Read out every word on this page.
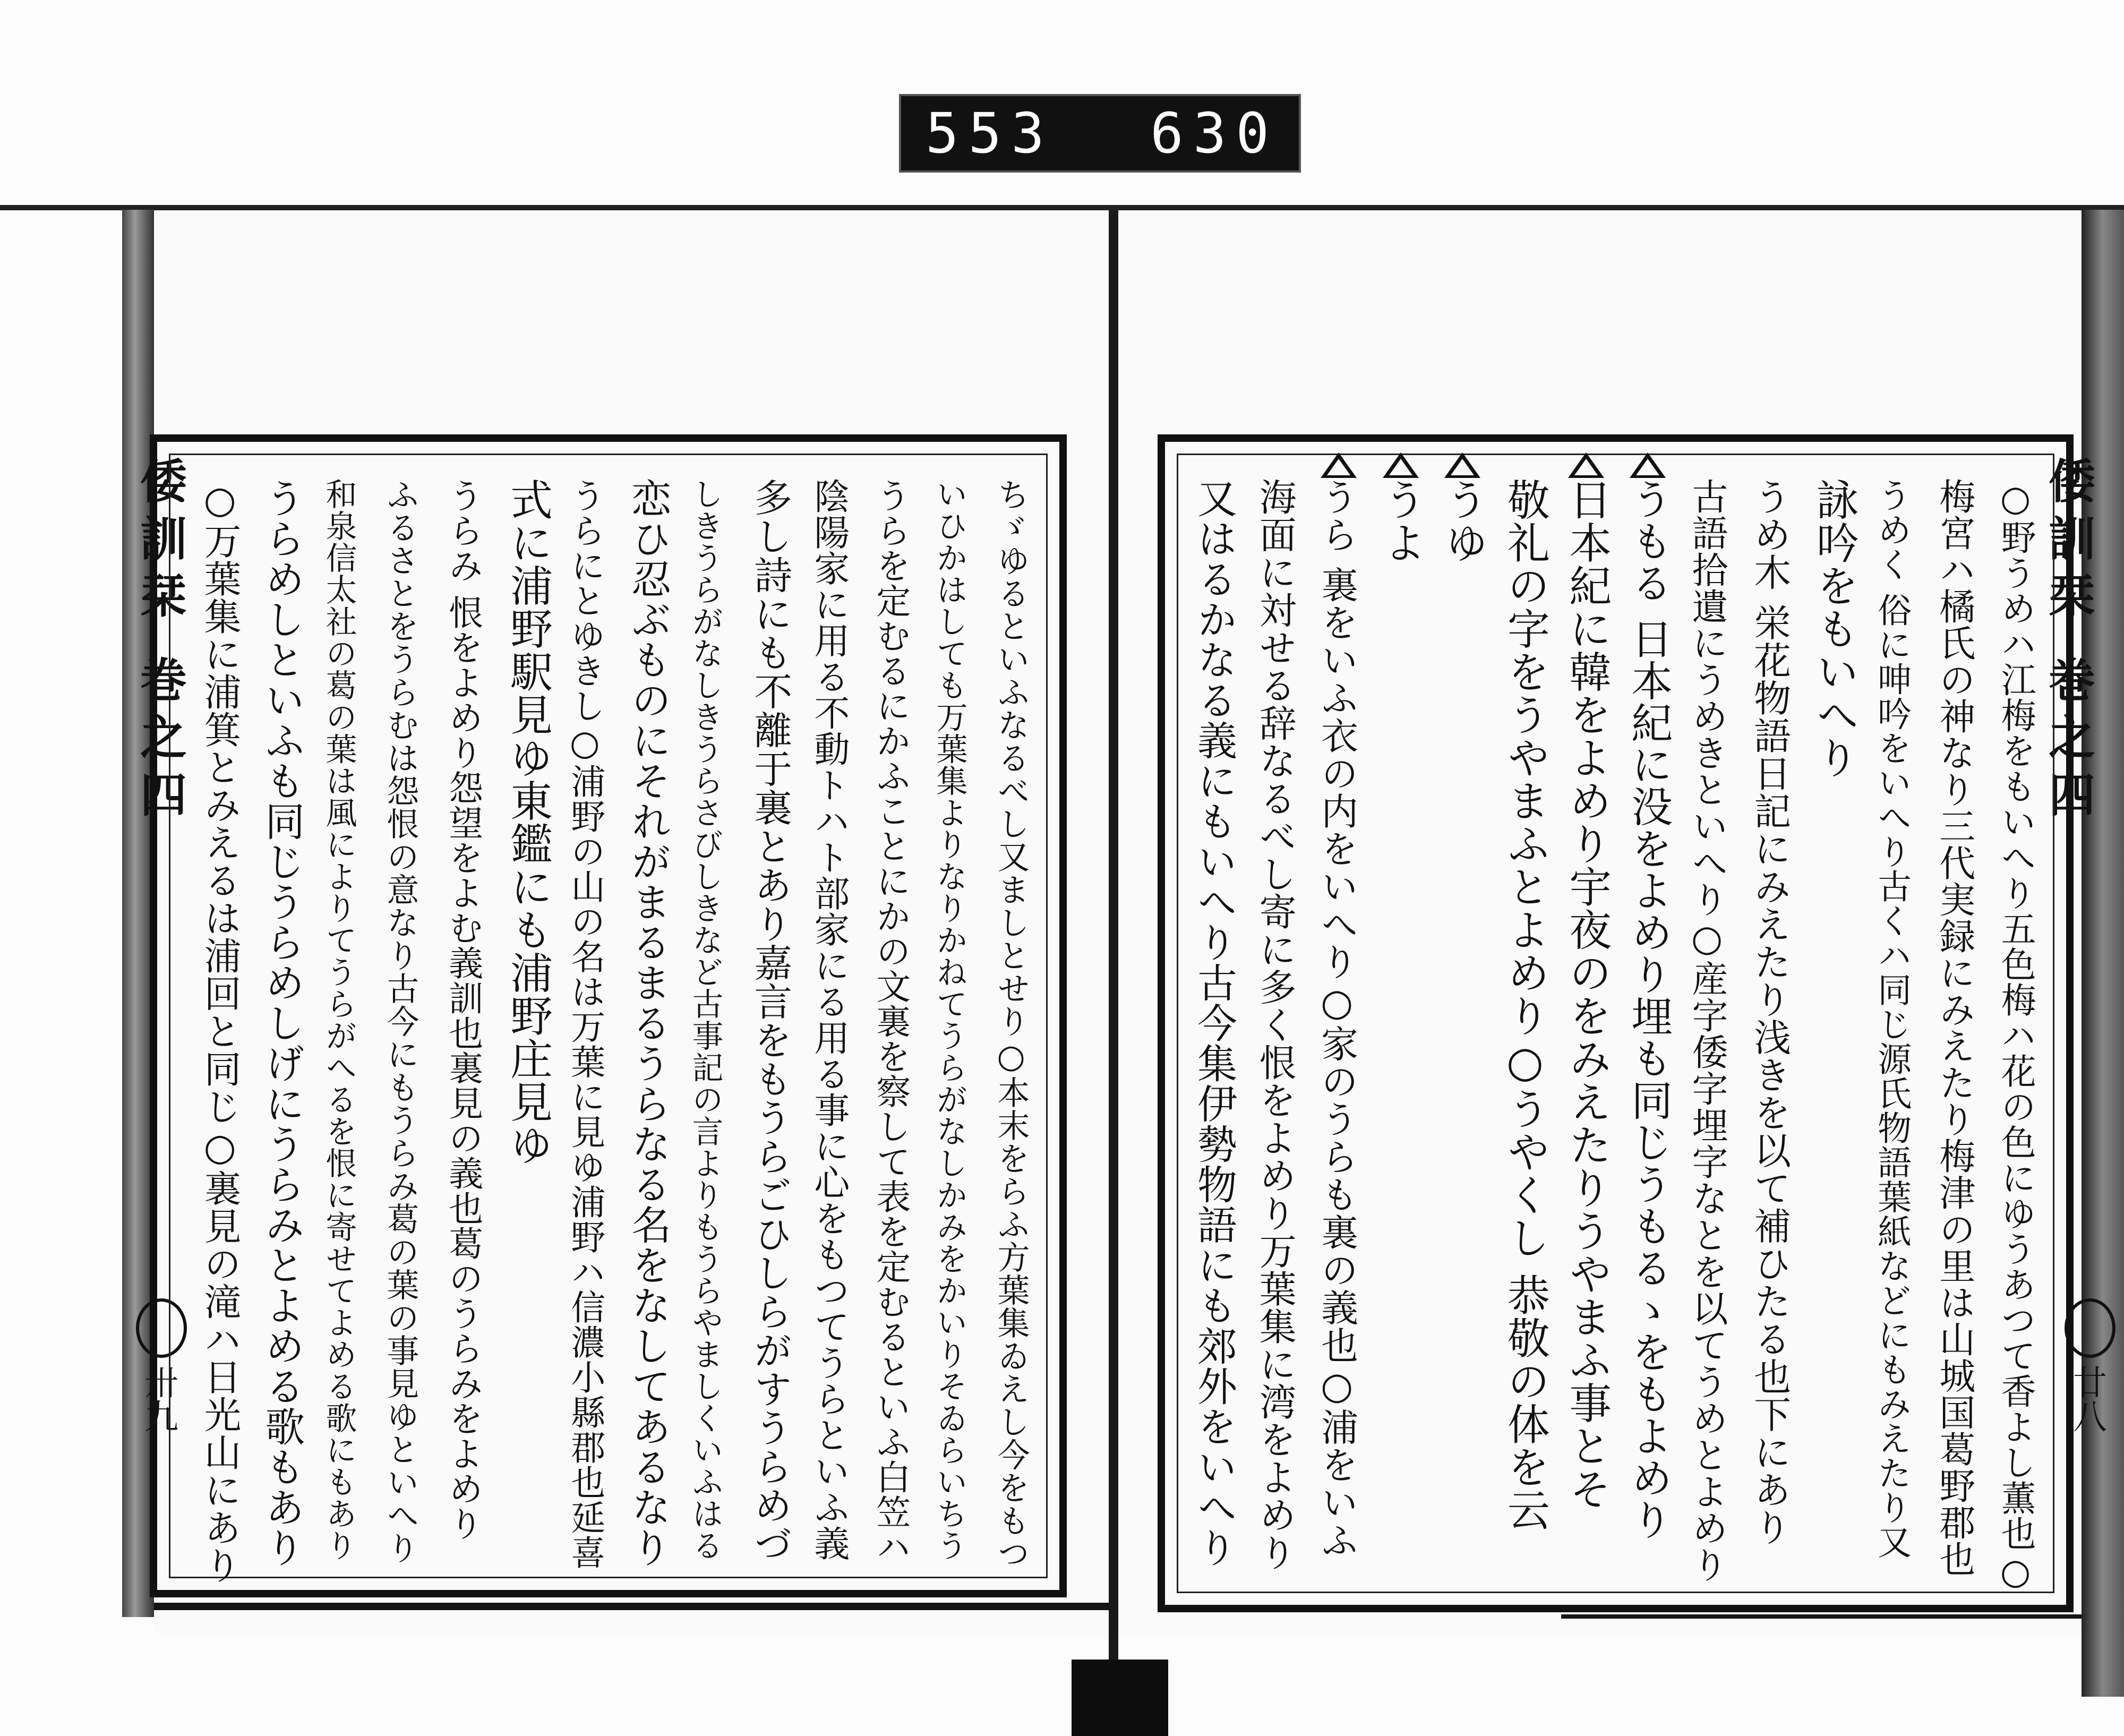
553 630
倭訓栞 巻之四
卅九	ちゞゆるといふなるべし又ましとせり○本末をらふ方葉集ゐえし今をもつ
いひかはしても万葉集よりなりかねてうらがなしかみをかいりそゐらいちう
うらを定むるにかふことにかの文裏を察して表を定むるといふ白笠ハ
陰陽家に用る不動トハト部家にる用る事に心をもつてうらといふ義
多し詩にも不離于裏とあり嘉言をもうらごひしらがすうらめづ
しきうらがなしきうらさびしきなど古事記の言よりもうらやましくいふはる
恋ひ忍ぶものにそれがまるまるうらなる名をなしてあるなり
うらにとゆきし○浦野の山の名は万葉に見ゆ浦野ハ信濃小縣郡也延喜
式に浦野駅見ゆ東鑑にも浦野庄見ゆ
うらみ 恨をよめり怨望をよむ義訓也裏見の義也葛のうらみをよめり
ふるさとをうらむは怨恨の意なり古今にもうらみ葛の葉の事見ゆといへり
和泉信太社の葛の葉は風によりてうらがへるを恨に寄せてよめる歌にもあり
うらめしといふも同じうらめしげにうらみとよめる歌もあり
○万葉集に浦箕とみえるは浦回と同じ○裏見の滝ハ日光山にあり	倭訓栞 巻之四
廿八
○野うめハ江梅をもいへり五色梅ハ花の色にゆうあつて香よし薫也○
梅宮ハ橘氏の神なり三代実録にみえたり梅津の里は山城国葛野郡也
うめく 俗に呻吟をいへり古くハ同じ源氏物語葉紙などにもみえたり又
詠吟をもいへり
うめ木 栄花物語日記にみえたり浅きを以て補ひたる也下にあり
古語拾遺にうめきといへり○産字倭字埋字なとを以てうめとよめり
うもる 日本紀に没をよめり埋も同じうもるゝをもよめり
日本紀に韓をよめり宇夜のをみえたりうやまふ事とそ
敬礼の字をうやまふとよめり○うやくし 恭敬の体を云
うゆ
うよ
うら 裏をいふ衣の内をいへり○家のうらも裏の義也○浦をいふ
海面に対せる辞なるべし寄に多く恨をよめり万葉集に湾をよめり
又はるかなる義にもいへり古今集伊勢物語にも郊外をいへり
